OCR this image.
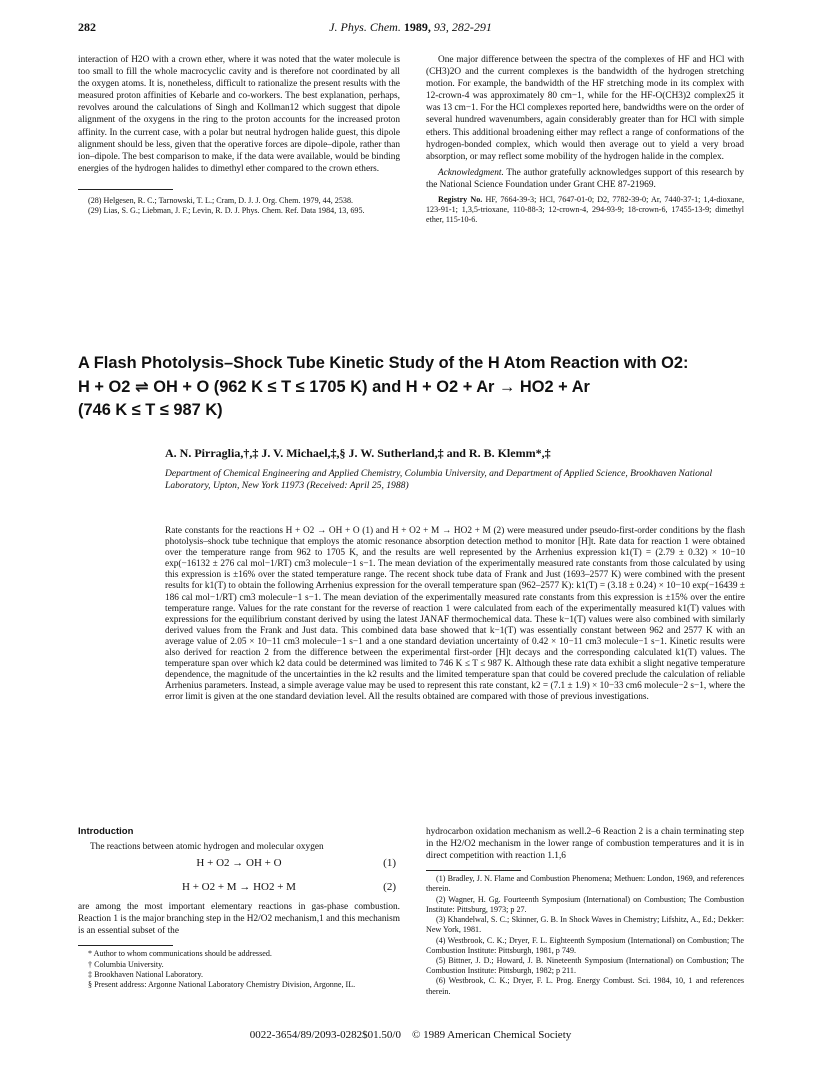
282	J. Phys. Chem. 1989, 93, 282-291

interaction of H2O with a crown ether, where it was noted that the water molecule is too small to fill the whole macrocyclic cavity and is therefore not coordinated by all the oxygen atoms. It is, nonetheless, difficult to rationalize the present results with the measured proton affinities of Kebarle and co-workers. The best explanation, perhaps, revolves around the calculations of Singh and Kollman12 which suggest that dipole alignment of the oxygens in the ring to the proton accounts for the increased proton affinity. In the current case, with a polar but neutral hydrogen halide guest, this dipole alignment should be less, given that the operative forces are dipole–dipole, rather than ion–dipole. The best comparison to make, if the data were available, would be binding energies of the hydrogen halides to dimethyl ether compared to the crown ethers.

(28) Helgesen, R. C.; Tarnowski, T. L.; Cram, D. J. J. Org. Chem. 1979, 44, 2538.

(29) Lias, S. G.; Liebman, J. F.; Levin, R. D. J. Phys. Chem. Ref. Data 1984, 13, 695.

One major difference between the spectra of the complexes of HF and HCl with (CH3)2O and the current complexes is the bandwidth of the hydrogen stretching motion. For example, the bandwidth of the HF stretching mode in its complex with 12-crown-4 was approximately 80 cm−1, while for the HF-O(CH3)2 complex25 it was 13 cm−1. For the HCl complexes reported here, bandwidths were on the order of several hundred wavenumbers, again considerably greater than for HCl with simple ethers. This additional broadening either may reflect a range of conformations of the hydrogen-bonded complex, which would then average out to yield a very broad absorption, or may reflect some mobility of the hydrogen halide in the complex.

Acknowledgment. The author gratefully acknowledges support of this research by the National Science Foundation under Grant CHE 87-21969.

Registry No. HF, 7664-39-3; HCl, 7647-01-0; D2, 7782-39-0; Ar, 7440-37-1; 1,4-dioxane, 123-91-1; 1,3,5-trioxane, 110-88-3; 12-crown-4, 294-93-9; 18-crown-6, 17455-13-9; dimethyl ether, 115-10-6.

A Flash Photolysis–Shock Tube Kinetic Study of the H Atom Reaction with O2:
H + O2 ⇌ OH + O (962 K ≤ T ≤ 1705 K) and H + O2 + Ar → HO2 + Ar
(746 K ≤ T ≤ 987 K)
A. N. Pirraglia,†,‡ J. V. Michael,‡,§ J. W. Sutherland,‡ and R. B. Klemm*,‡
Department of Chemical Engineering and Applied Chemistry, Columbia University, and Department of Applied Science, Brookhaven National Laboratory, Upton, New York 11973 (Received: April 25, 1988)
Rate constants for the reactions H + O2 → OH + O (1) and H + O2 + M → HO2 + M (2) were measured under pseudo-first-order conditions by the flash photolysis–shock tube technique that employs the atomic resonance absorption detection method to monitor [H]t. Rate data for reaction 1 were obtained over the temperature range from 962 to 1705 K, and the results are well represented by the Arrhenius expression k1(T) = (2.79 ± 0.32) × 10−10 exp(−16132 ± 276 cal mol−1/RT) cm3 molecule−1 s−1. The mean deviation of the experimentally measured rate constants from those calculated by using this expression is ±16% over the stated temperature range. The recent shock tube data of Frank and Just (1693–2577 K) were combined with the present results for k1(T) to obtain the following Arrhenius expression for the overall temperature span (962–2577 K): k1(T) = (3.18 ± 0.24) × 10−10 exp(−16439 ± 186 cal mol−1/RT) cm3 molecule−1 s−1. The mean deviation of the experimentally measured rate constants from this expression is ±15% over the entire temperature range. Values for the rate constant for the reverse of reaction 1 were calculated from each of the experimentally measured k1(T) values with expressions for the equilibrium constant derived by using the latest JANAF thermochemical data. These k−1(T) values were also combined with similarly derived values from the Frank and Just data. This combined data base showed that k−1(T) was essentially constant between 962 and 2577 K with an average value of 2.05 × 10−11 cm3 molecule−1 s−1 and a one standard deviation uncertainty of 0.42 × 10−11 cm3 molecule−1 s−1. Kinetic results were also derived for reaction 2 from the difference between the experimental first-order [H]t decays and the corresponding calculated k1(T) values. The temperature span over which k2 data could be determined was limited to 746 K ≤ T ≤ 987 K. Although these rate data exhibit a slight negative temperature dependence, the magnitude of the uncertainties in the k2 results and the limited temperature span that could be covered preclude the calculation of reliable Arrhenius parameters. Instead, a simple average value may be used to represent this rate constant, k2 = (7.1 ± 1.9) × 10−33 cm6 molecule−2 s−1, where the error limit is given at the one standard deviation level. All the results obtained are compared with those of previous investigations.
Introduction

The reactions between atomic hydrogen and molecular oxygen

H + O2 → OH + O	(1)
H + O2 + M → HO2 + M	(2)

are among the most important elementary reactions in gas-phase combustion. Reaction 1 is the major branching step in the H2/O2 mechanism,1 and this mechanism is an essential subset of the

* Author to whom communications should be addressed.

† Columbia University.

‡ Brookhaven National Laboratory.

§ Present address: Argonne National Laboratory Chemistry Division, Argonne, IL.

hydrocarbon oxidation mechanism as well.2–6 Reaction 2 is a chain terminating step in the H2/O2 mechanism in the lower range of combustion temperatures and it is in direct competition with reaction 1.1,6

(1) Bradley, J. N. Flame and Combustion Phenomena; Methuen: London, 1969, and references therein.

(2) Wagner, H. Gg. Fourteenth Symposium (International) on Combustion; The Combustion Institute: Pittsburg, 1973; p 27.

(3) Khandelwal, S. C.; Skinner, G. B. In Shock Waves in Chemistry; Lifshitz, A., Ed.; Dekker: New York, 1981.

(4) Westbrook, C. K.; Dryer, F. L. Eighteenth Symposium (International) on Combustion; The Combustion Institute: Pittsburgh, 1981, p 749.

(5) Bittner, J. D.; Howard, J. B. Nineteenth Symposium (International) on Combustion; The Combustion Institute: Pittsburgh, 1982; p 211.

(6) Westbrook, C. K.; Dryer, F. L. Prog. Energy Combust. Sci. 1984, 10, 1 and references therein.

0022-3654/89/2093-0282$01.50/0 © 1989 American Chemical Society
